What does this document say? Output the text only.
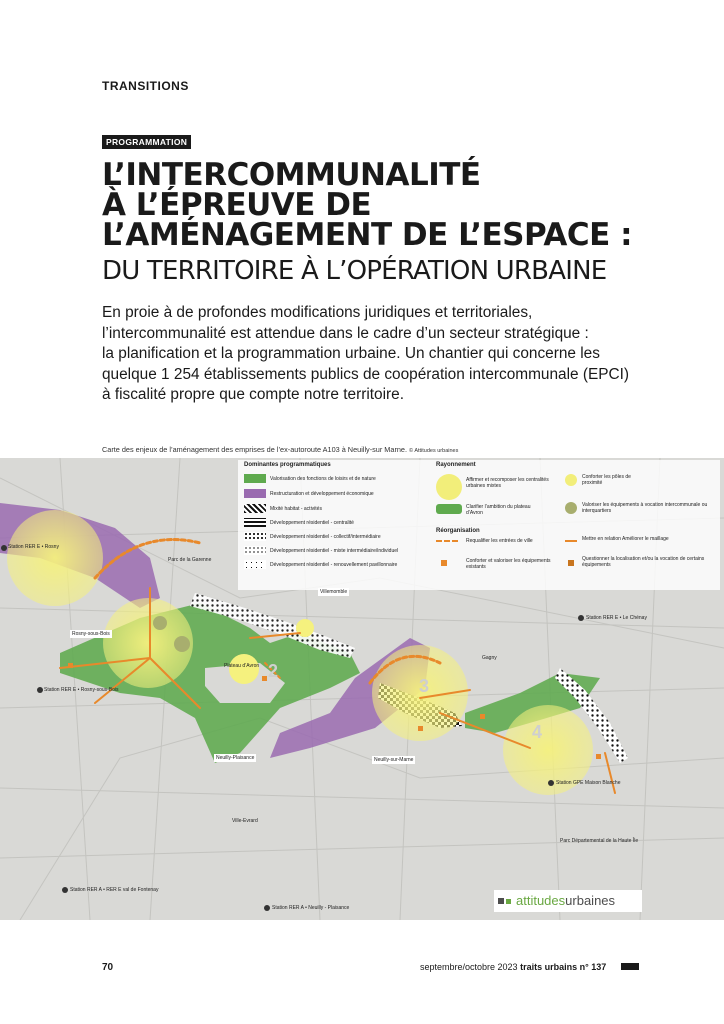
TRANSITIONS
PROGRAMMATION
L’INTERCOMMUNALITÉ
À L’ÉPREUVE DE
L’AMÉNAGEMENT DE L’ESPACE :
DU TERRITOIRE À L’OPÉRATION URBAINE
En proie à de profondes modifications juridiques et territoriales,
l’intercommunalité est attendue dans le cadre d’un secteur stratégique :
la planification et la programmation urbaine. Un chantier qui concerne les
quelque 1 254 établissements publics de coopération intercommunale (EPCI)
à fiscalité propre que compte notre territoire.
Carte des enjeux de l’aménagement des emprises de l’ex-autoroute A103 à Neuilly-sur Marne. © Attitudes urbaines
Dominantes programmatiques
Valorisation des fonctions de loisirs et de nature
Restructuration et développement économique
Mixité habitat - activités
Développement résidentiel - centralité
Développement résidentiel - collectif/intermédiaire
Développement résidentiel - mixte intermédiaire/individuel
Développement résidentiel - renouvellement pavillonnaire
Rayonnement
Affirmer et recomposer les centralités urbaines mixtes
Conforter les pôles de proximité
Clarifier l’ambition du plateau d’Avron
Valoriser les équipements à vocation intercommunale ou interquartiers
Réorganisation
Requalifier les entrées de ville	Mettre en relation Améliorer le maillage
Conforter et valoriser les équipements existants
Questionner la localisation et/ou la vocation de certains équipements
Station RER E • Rosny
Parc de la Garenne
Villemomble
Rosny-sous-Bois
Station RER E • Rosny-sous-Bois
Plateau d’Avron
Station RER E • Le Chénay
Gagny
Neuilly-Plaisance	Neuilly-sur-Marne
Station GPE Maison Blanche
Ville-Evrard
Parc Départemental de la Haute Île
Station RER A • RER E val de Fontenay
Station RER A • Neuilly - Plaisance
2
3
4
attitudesurbaines
70	septembre/octobre 2023 traits urbains n° 137
